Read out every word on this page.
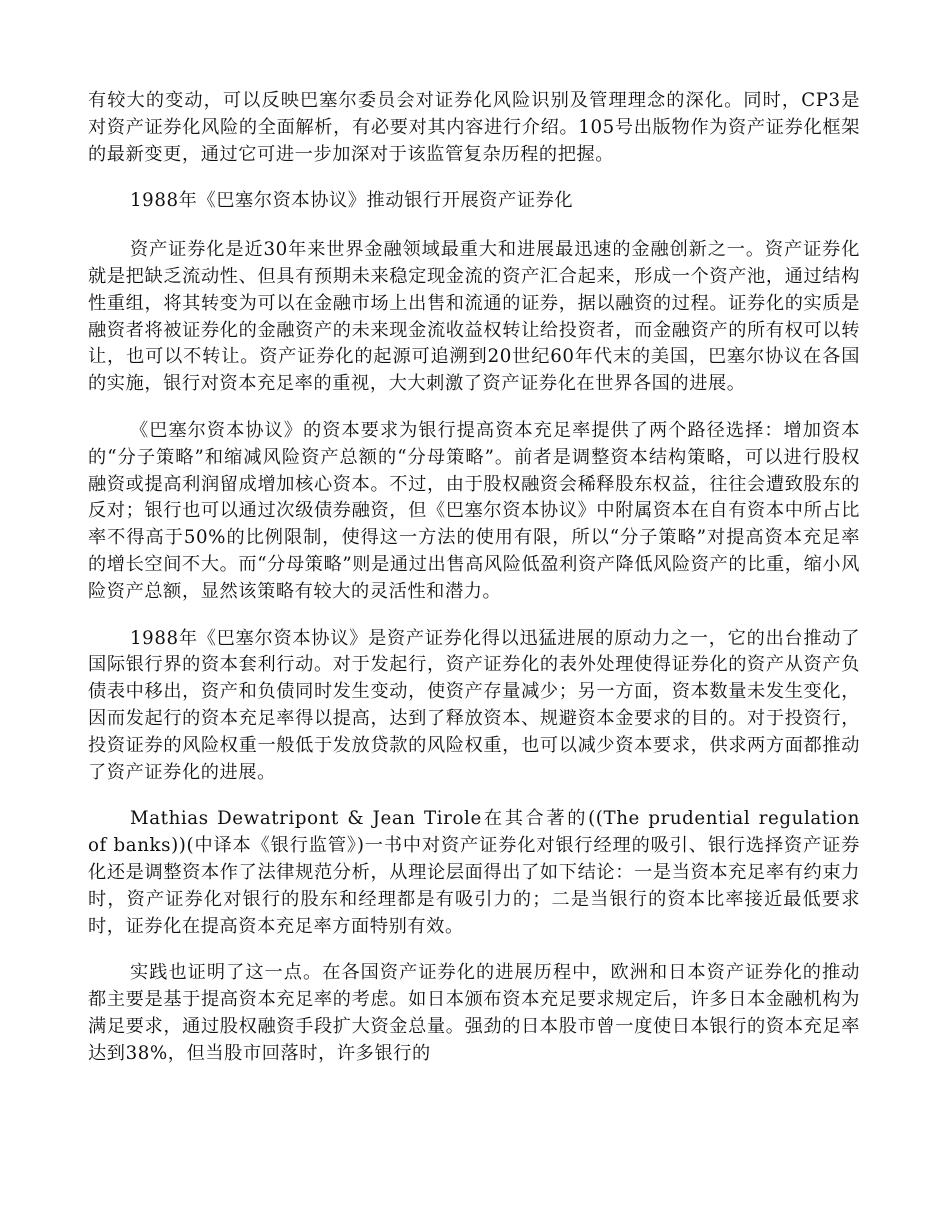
有较大的变动，可以反映巴塞尔委员会对证券化风险识别及管理理念的深化。同时，CP3是对资产证券化风险的全面解析，有必要对其内容进行介绍。105号出版物作为资产证券化框架的最新变更，通过它可进一步加深对于该监管复杂历程的把握。

1988年《巴塞尔资本协议》推动银行开展资产证券化

资产证券化是近30年来世界金融领域最重大和进展最迅速的金融创新之一。资产证券化就是把缺乏流动性、但具有预期未来稳定现金流的资产汇合起来，形成一个资产池，通过结构性重组，将其转变为可以在金融市场上出售和流通的证券，据以融资的过程。证券化的实质是融资者将被证券化的金融资产的未来现金流收益权转让给投资者，而金融资产的所有权可以转让，也可以不转让。资产证券化的起源可追溯到20世纪60年代末的美国，巴塞尔协议在各国的实施，银行对资本充足率的重视，大大刺激了资产证券化在世界各国的进展。

《巴塞尔资本协议》的资本要求为银行提高资本充足率提供了两个路径选择：增加资本的“分子策略”和缩减风险资产总额的“分母策略”。前者是调整资本结构策略，可以进行股权融资或提高利润留成增加核心资本。不过，由于股权融资会稀释股东权益，往往会遭致股东的反对；银行也可以通过次级债券融资，但《巴塞尔资本协议》中附属资本在自有资本中所占比率不得高于50%的比例限制，使得这一方法的使用有限，所以“分子策略”对提高资本充足率的增长空间不大。而“分母策略”则是通过出售高风险低盈利资产降低风险资产的比重，缩小风险资产总额，显然该策略有较大的灵活性和潜力。

1988年《巴塞尔资本协议》是资产证券化得以迅猛进展的原动力之一，它的出台推动了国际银行界的资本套利行动。对于发起行，资产证券化的表外处理使得证券化的资产从资产负债表中移出，资产和负债同时发生变动，使资产存量减少；另一方面，资本数量未发生变化，因而发起行的资本充足率得以提高，达到了释放资本、规避资本金要求的目的。对于投资行，投资证券的风险权重一般低于发放贷款的风险权重，也可以减少资本要求，供求两方面都推动了资产证券化的进展。

Mathias Dewatripont & Jean Tirole在其合著的((The prudential regulation of banks))(中译本《银行监管》)一书中对资产证券化对银行经理的吸引、银行选择资产证券化还是调整资本作了法律规范分析，从理论层面得出了如下结论：一是当资本充足率有约束力时，资产证券化对银行的股东和经理都是有吸引力的；二是当银行的资本比率接近最低要求时，证券化在提高资本充足率方面特别有效。

实践也证明了这一点。在各国资产证券化的进展历程中，欧洲和日本资产证券化的推动都主要是基于提高资本充足率的考虑。如日本颁布资本充足要求规定后，许多日本金融机构为满足要求，通过股权融资手段扩大资金总量。强劲的日本股市曾一度使日本银行的资本充足率达到38%，但当股市回落时，许多银行的
